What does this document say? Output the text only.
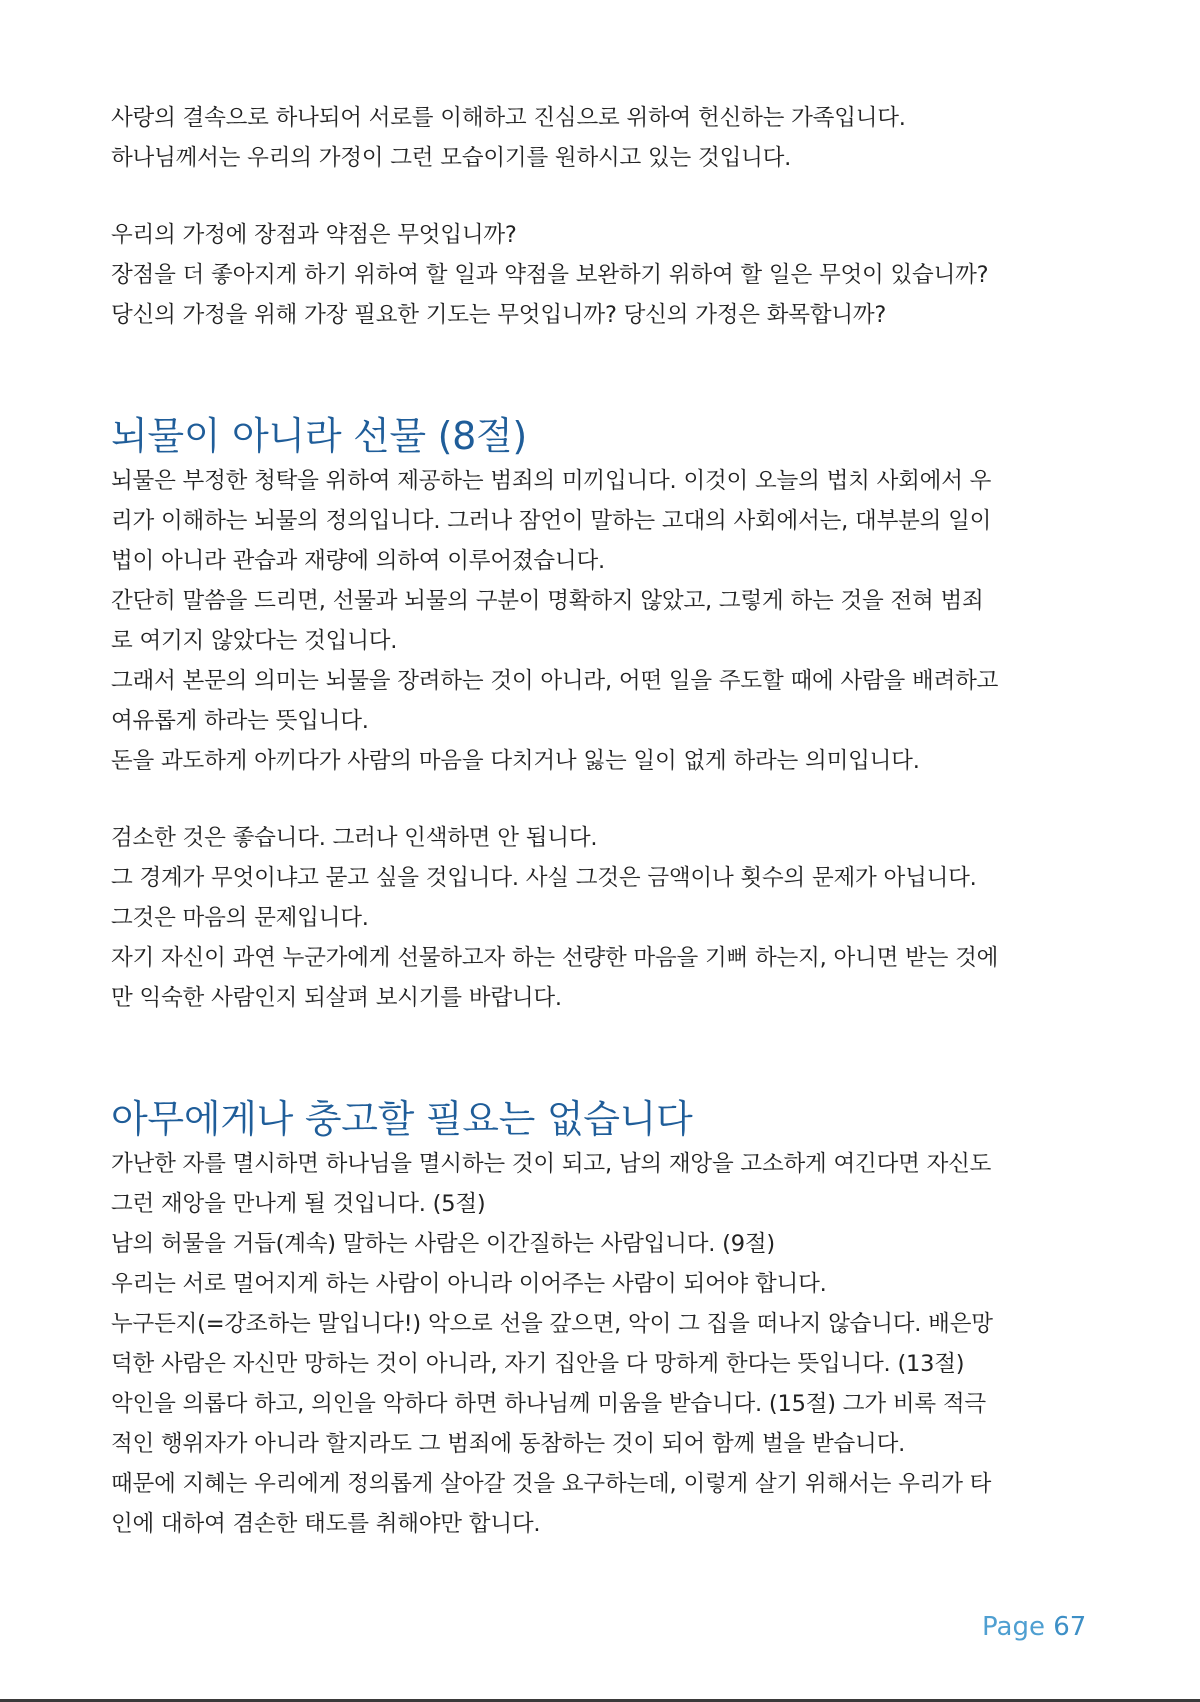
사랑의 결속으로 하나되어 서로를 이해하고 진심으로 위하여 헌신하는 가족입니다.

하나님께서는 우리의 가정이 그런 모습이기를 원하시고 있는 것입니다.

우리의 가정에 장점과 약점은 무엇입니까?

장점을 더 좋아지게 하기 위하여 할 일과 약점을 보완하기 위하여 할 일은 무엇이 있습니까?

당신의 가정을 위해 가장 필요한 기도는 무엇입니까? 당신의 가정은 화목합니까?

뇌물이 아니라 선물 (8절)

뇌물은 부정한 청탁을 위하여 제공하는 범죄의 미끼입니다. 이것이 오늘의 법치 사회에서 우

리가 이해하는 뇌물의 정의입니다. 그러나 잠언이 말하는 고대의 사회에서는, 대부분의 일이

법이 아니라 관습과 재량에 의하여 이루어졌습니다.

간단히 말씀을 드리면, 선물과 뇌물의 구분이 명확하지 않았고, 그렇게 하는 것을 전혀 범죄

로 여기지 않았다는 것입니다.

그래서 본문의 의미는 뇌물을 장려하는 것이 아니라, 어떤 일을 주도할 때에 사람을 배려하고

여유롭게 하라는 뜻입니다.

돈을 과도하게 아끼다가 사람의 마음을 다치거나 잃는 일이 없게 하라는 의미입니다.

검소한 것은 좋습니다. 그러나 인색하면 안 됩니다.

그 경계가 무엇이냐고 묻고 싶을 것입니다. 사실 그것은 금액이나 횟수의 문제가 아닙니다.

그것은 마음의 문제입니다.

자기 자신이 과연 누군가에게 선물하고자 하는 선량한 마음을 기뻐 하는지, 아니면 받는 것에

만 익숙한 사람인지 되살펴 보시기를 바랍니다.

아무에게나 충고할 필요는 없습니다

가난한 자를 멸시하면 하나님을 멸시하는 것이 되고, 남의 재앙을 고소하게 여긴다면 자신도

그런 재앙을 만나게 될 것입니다. (5절)

남의 허물을 거듭(계속) 말하는 사람은 이간질하는 사람입니다. (9절)

우리는 서로 멀어지게 하는 사람이 아니라 이어주는 사람이 되어야 합니다.

누구든지(=강조하는 말입니다!) 악으로 선을 갚으면, 악이 그 집을 떠나지 않습니다. 배은망

덕한 사람은 자신만 망하는 것이 아니라, 자기 집안을 다 망하게 한다는 뜻입니다. (13절)

악인을 의롭다 하고, 의인을 악하다 하면 하나님께 미움을 받습니다. (15절) 그가 비록 적극

적인 행위자가 아니라 할지라도 그 범죄에 동참하는 것이 되어 함께 벌을 받습니다.

때문에 지혜는 우리에게 정의롭게 살아갈 것을 요구하는데, 이렇게 살기 위해서는 우리가 타

인에 대하여 겸손한 태도를 취해야만 합니다.

Page 67
